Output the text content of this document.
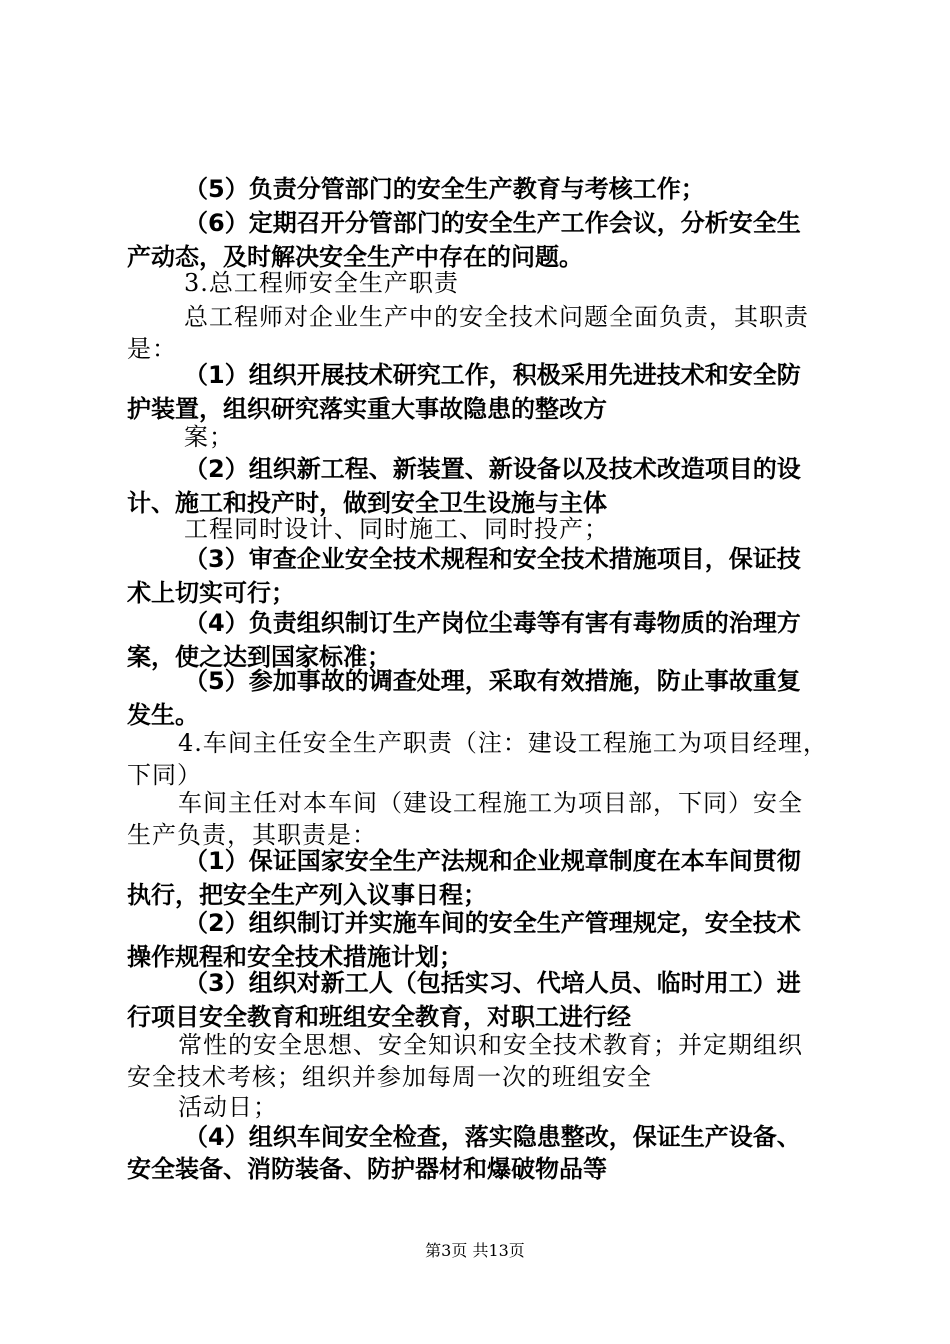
（5）负责分管部门的安全生产教育与考核工作；

（6）定期召开分管部门的安全生产工作会议，分析安全生

产动态，及时解决安全生产中存在的问题。

3.总工程师安全生产职责

总工程师对企业生产中的安全技术问题全面负责，其职责

是：

（1）组织开展技术研究工作，积极采用先进技术和安全防

护装置，组织研究落实重大事故隐患的整改方

案；

（2）组织新工程、新装置、新设备以及技术改造项目的设

计、施工和投产时，做到安全卫生设施与主体

工程同时设计、同时施工、同时投产；

（3）审查企业安全技术规程和安全技术措施项目，保证技

术上切实可行；

（4）负责组织制订生产岗位尘毒等有害有毒物质的治理方

案，使之达到国家标准；

（5）参加事故的调查处理，采取有效措施，防止事故重复

发生。

4.车间主任安全生产职责（注：建设工程施工为项目经理，

下同）

车间主任对本车间（建设工程施工为项目部，下同）安全

生产负责，其职责是：

（1）保证国家安全生产法规和企业规章制度在本车间贯彻

执行，把安全生产列入议事日程；

（2）组织制订并实施车间的安全生产管理规定，安全技术

操作规程和安全技术措施计划；

（3）组织对新工人（包括实习、代培人员、临时用工）进

行项目安全教育和班组安全教育，对职工进行经

常性的安全思想、安全知识和安全技术教育；并定期组织

安全技术考核；组织并参加每周一次的班组安全

活动日；

（4）组织车间安全检查，落实隐患整改，保证生产设备、

安全装备、消防装备、防护器材和爆破物品等

第3页 共13页
